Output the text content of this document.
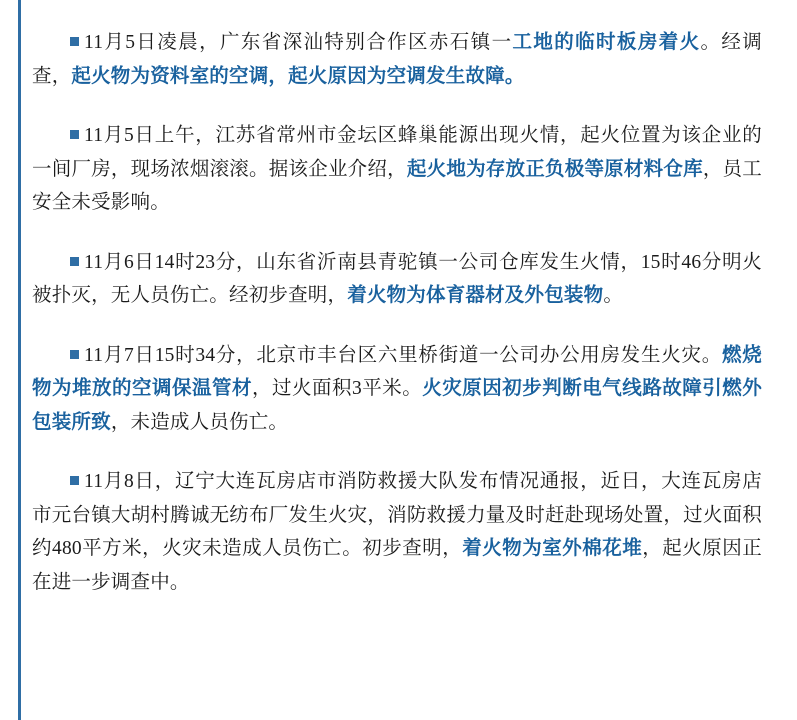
11月5日凌晨，广东省深汕特别合作区赤石镇一工地的临时板房着火。经调查，起火物为资料室的空调，起火原因为空调发生故障。

11月5日上午，江苏省常州市金坛区蜂巢能源出现火情，起火位置为该企业的一间厂房，现场浓烟滚滚。据该企业介绍，起火地为存放正负极等原材料仓库，员工安全未受影响。

11月6日14时23分，山东省沂南县青驼镇一公司仓库发生火情，15时46分明火被扑灭，无人员伤亡。经初步查明，着火物为体育器材及外包装物。

11月7日15时34分，北京市丰台区六里桥街道一公司办公用房发生火灾。燃烧物为堆放的空调保温管材，过火面积3平米。火灾原因初步判断电气线路故障引燃外包装所致，未造成人员伤亡。

11月8日，辽宁大连瓦房店市消防救援大队发布情况通报，近日，大连瓦房店市元台镇大胡村腾诚无纺布厂发生火灾，消防救援力量及时赶赴现场处置，过火面积约480平方米，火灾未造成人员伤亡。初步查明，着火物为室外棉花堆，起火原因正在进一步调查中。
